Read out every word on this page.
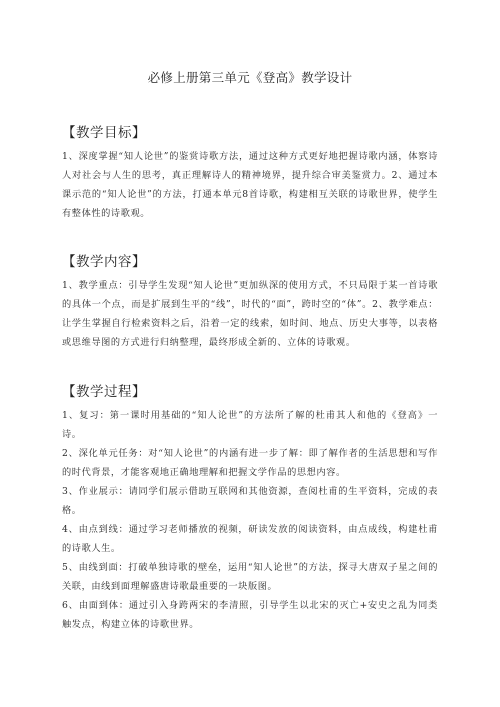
必修上册第三单元《登高》教学设计
【教学目标】

1、深度掌握“知人论世”的鉴赏诗歌方法，通过这种方式更好地把握诗歌内涵，体察诗人对社会与人生的思考，真正理解诗人的精神境界，提升综合审美鉴赏力。2、通过本课示范的“知人论世”的方法，打通本单元8首诗歌，构建相互关联的诗歌世界，使学生有整体性的诗歌观。

【教学内容】

1、教学重点：引导学生发现“知人论世”更加纵深的使用方式，不只局限于某一首诗歌的具体一个点，而是扩展到生平的“线”，时代的“面”，跨时空的“体”。2、教学难点：让学生掌握自行检索资料之后，沿着一定的线索，如时间、地点、历史大事等，以表格或思维导图的方式进行归纳整理，最终形成全新的、立体的诗歌观。

【教学过程】

1、复习：第一课时用基础的“知人论世”的方法所了解的杜甫其人和他的《登高》一诗。

2、深化单元任务：对“知人论世”的内涵有进一步了解：即了解作者的生活思想和写作的时代背景，才能客观地正确地理解和把握文学作品的思想内容。

3、作业展示：请同学们展示借助互联网和其他资源，查阅杜甫的生平资料，完成的表格。

4、由点到线：通过学习老师播放的视频，研读发放的阅读资料，由点成线，构建杜甫的诗歌人生。

5、由线到面：打破单独诗歌的壁垒，运用“知人论世”的方法，探寻大唐双子星之间的关联，由线到面理解盛唐诗歌最重要的一块版图。

6、由面到体：通过引入身跨两宋的李清照，引导学生以北宋的灭亡+安史之乱为同类触发点，构建立体的诗歌世界。
